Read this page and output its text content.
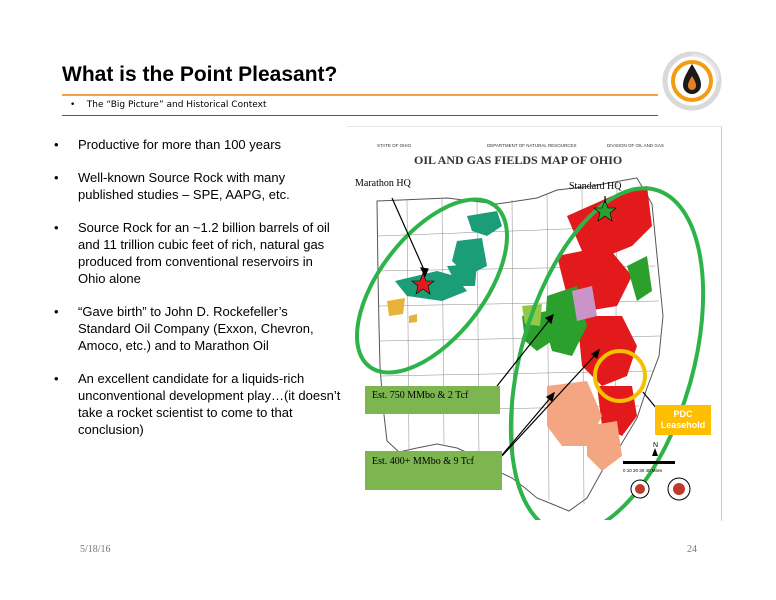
What is the Point Pleasant?
• The “Big Picture” and Historical Context
• Productive for more than 100 years
• Well-known Source Rock with many published studies – SPE, AAPG, etc.
• Source Rock for an ~1.2 billion barrels of oil and 11 trillion cubic feet of rich, natural gas produced from conventional reservoirs in Ohio alone
• “Gave birth” to John D. Rockefeller’s Standard Oil Company (Exxon, Chevron, Amoco, etc.) and to Marathon Oil
• An excellent candidate for a liquids-rich unconventional development play…(it doesn’t take a rocket scientist to come to that conclusion)
STATE OF OHIO	DEPARTMENT OF NATURAL RESOURCES	DIVISION OF OIL AND GAS
OIL AND GAS FIELDS MAP OF OHIO
N
0 10 20 30 40 Miles
Marathon HQ	Standard HQ
Est. 750 MMbo & 2 Tcf
Est. 400+ MMbo & 9 Tcf
PDC
Leasehold
5/18/16	24
